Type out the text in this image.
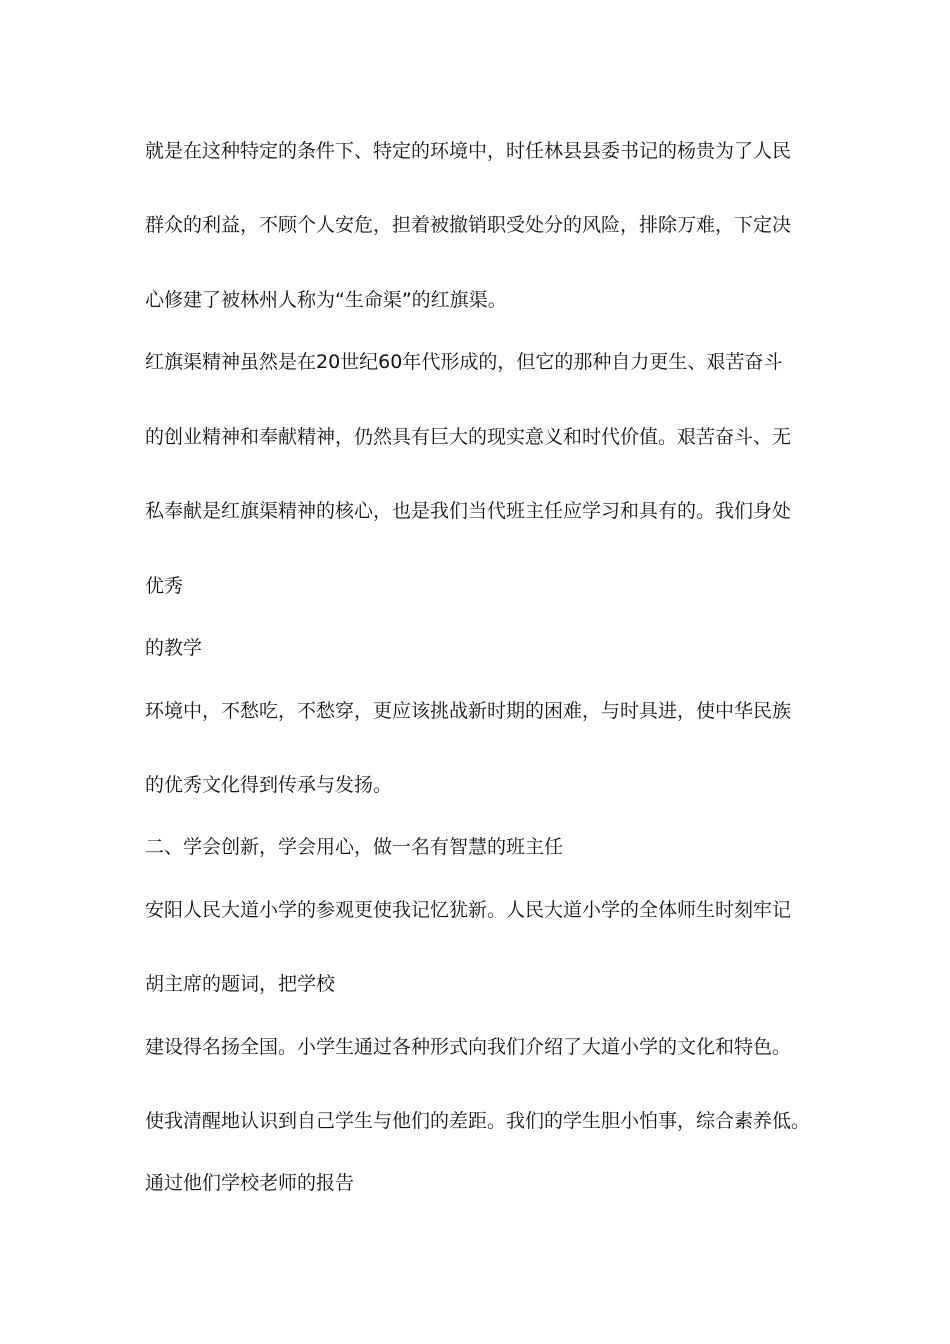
就是在这种特定的条件下、特定的环境中，时任林县县委书记的杨贵为了人民
群众的利益，不顾个人安危，担着被撤销职受处分的风险，排除万难，下定决
心修建了被林州人称为“生命渠”的红旗渠。
红旗渠精神虽然是在20世纪60年代形成的，但它的那种自力更生、艰苦奋斗
的创业精神和奉献精神，仍然具有巨大的现实意义和时代价值。艰苦奋斗、无
私奉献是红旗渠精神的核心，也是我们当代班主任应学习和具有的。我们身处
优秀
的教学
环境中，不愁吃，不愁穿，更应该挑战新时期的困难，与时具进，使中华民族
的优秀文化得到传承与发扬。
二、学会创新，学会用心，做一名有智慧的班主任
安阳人民大道小学的参观更使我记忆犹新。人民大道小学的全体师生时刻牢记
胡主席的题词，把学校
建设得名扬全国。小学生通过各种形式向我们介绍了大道小学的文化和特色。
使我清醒地认识到自己学生与他们的差距。我们的学生胆小怕事，综合素养低。
通过他们学校老师的报告
